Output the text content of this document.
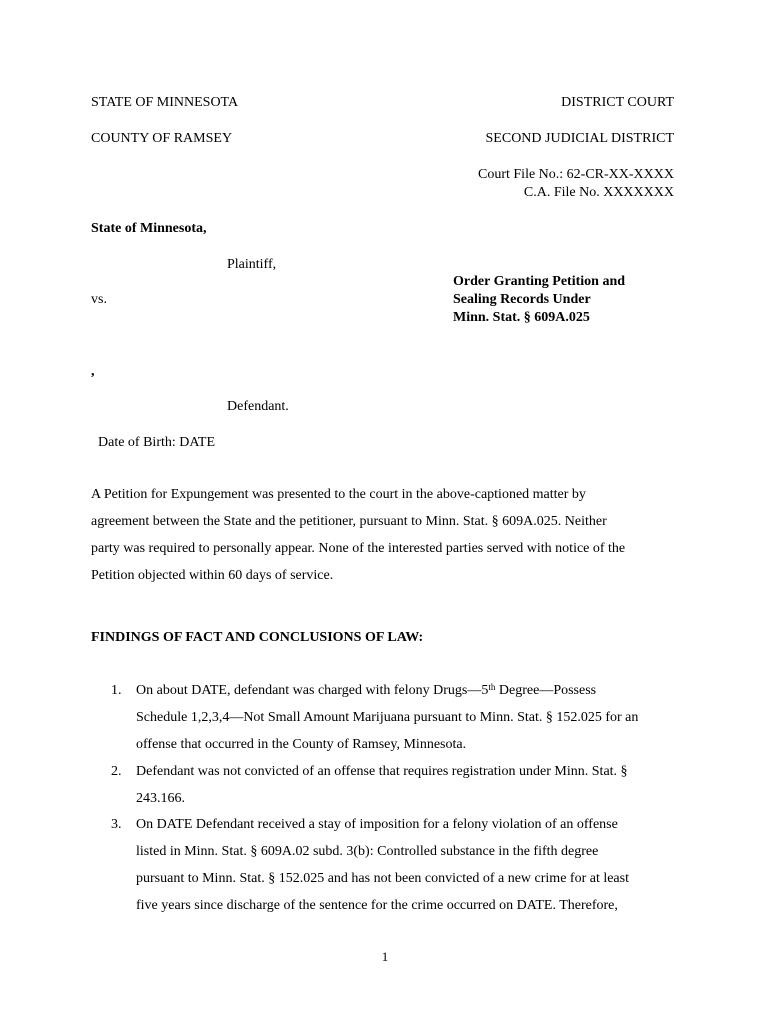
STATE OF MINNESOTA	DISTRICT COURT
COUNTY OF RAMSEY	SECOND JUDICIAL DISTRICT
Court File No.: 62-CR-XX-XXXX
C.A. File No. XXXXXXX
State of Minnesota,
Plaintiff,
Order Granting Petition and
vs.	Sealing Records Under
Minn. Stat. § 609A.025
,
Defendant.
Date of Birth: DATE
A Petition for Expungement was presented to the court in the above-captioned matter by
agreement between the State and the petitioner, pursuant to Minn. Stat. § 609A.025. Neither
party was required to personally appear. None of the interested parties served with notice of the
Petition objected within 60 days of service.
FINDINGS OF FACT AND CONCLUSIONS OF LAW:
1. On about DATE, defendant was charged with felony Drugs—5th Degree—Possess
Schedule 1,2,3,4—Not Small Amount Marijuana pursuant to Minn. Stat. § 152.025 for an
offense that occurred in the County of Ramsey, Minnesota.
2. Defendant was not convicted of an offense that requires registration under Minn. Stat. §
243.166.
3. On DATE Defendant received a stay of imposition for a felony violation of an offense
listed in Minn. Stat. § 609A.02 subd. 3(b): Controlled substance in the fifth degree
pursuant to Minn. Stat. § 152.025 and has not been convicted of a new crime for at least
five years since discharge of the sentence for the crime occurred on DATE. Therefore,
1
